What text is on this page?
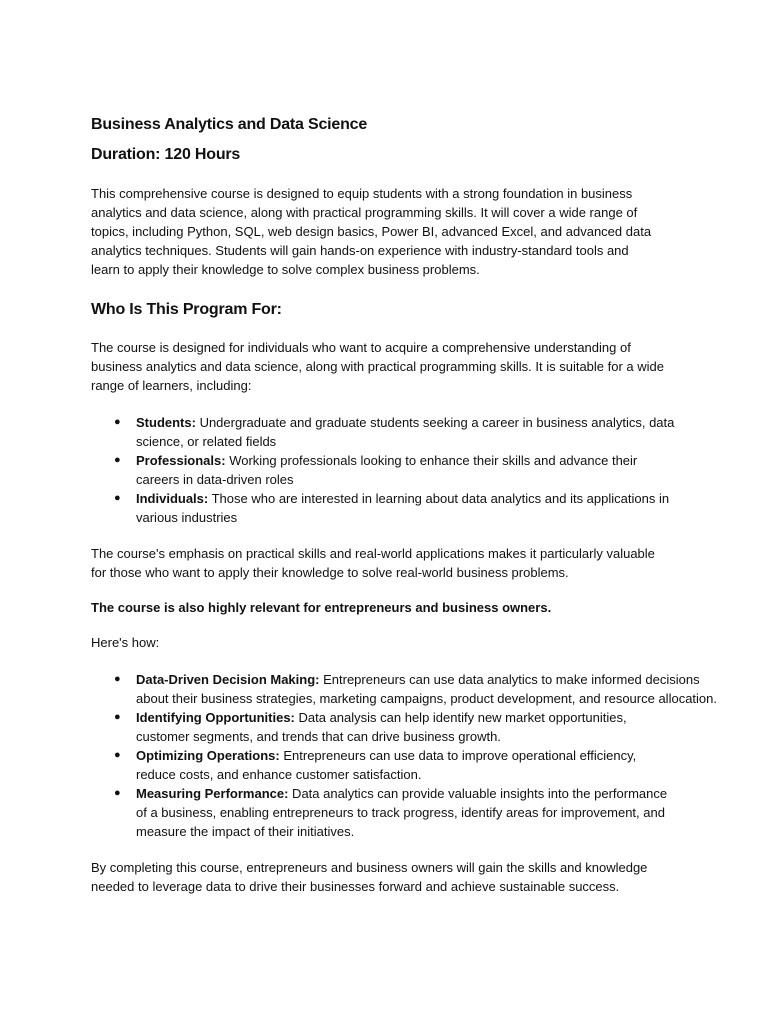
Business Analytics and Data Science
Duration: 120 Hours

This comprehensive course is designed to equip students with a strong foundation in business
analytics and data science, along with practical programming skills. It will cover a wide range of
topics, including Python, SQL, web design basics, Power BI, advanced Excel, and advanced data
analytics techniques. Students will gain hands-on experience with industry-standard tools and
learn to apply their knowledge to solve complex business problems.

Who Is This Program For:

The course is designed for individuals who want to acquire a comprehensive understanding of
business analytics and data science, along with practical programming skills. It is suitable for a wide
range of learners, including:

● Students: Undergraduate and graduate students seeking a career in business analytics, data
science, or related fields
● Professionals: Working professionals looking to enhance their skills and advance their
careers in data-driven roles
● Individuals: Those who are interested in learning about data analytics and its applications in
various industries

The course's emphasis on practical skills and real-world applications makes it particularly valuable
for those who want to apply their knowledge to solve real-world business problems.

The course is also highly relevant for entrepreneurs and business owners.

Here's how:

● Data-Driven Decision Making: Entrepreneurs can use data analytics to make informed decisions
about their business strategies, marketing campaigns, product development, and resource allocation.
● Identifying Opportunities: Data analysis can help identify new market opportunities,
customer segments, and trends that can drive business growth.
● Optimizing Operations: Entrepreneurs can use data to improve operational efficiency,
reduce costs, and enhance customer satisfaction.
● Measuring Performance: Data analytics can provide valuable insights into the performance
of a business, enabling entrepreneurs to track progress, identify areas for improvement, and
measure the impact of their initiatives.

By completing this course, entrepreneurs and business owners will gain the skills and knowledge
needed to leverage data to drive their businesses forward and achieve sustainable success.
